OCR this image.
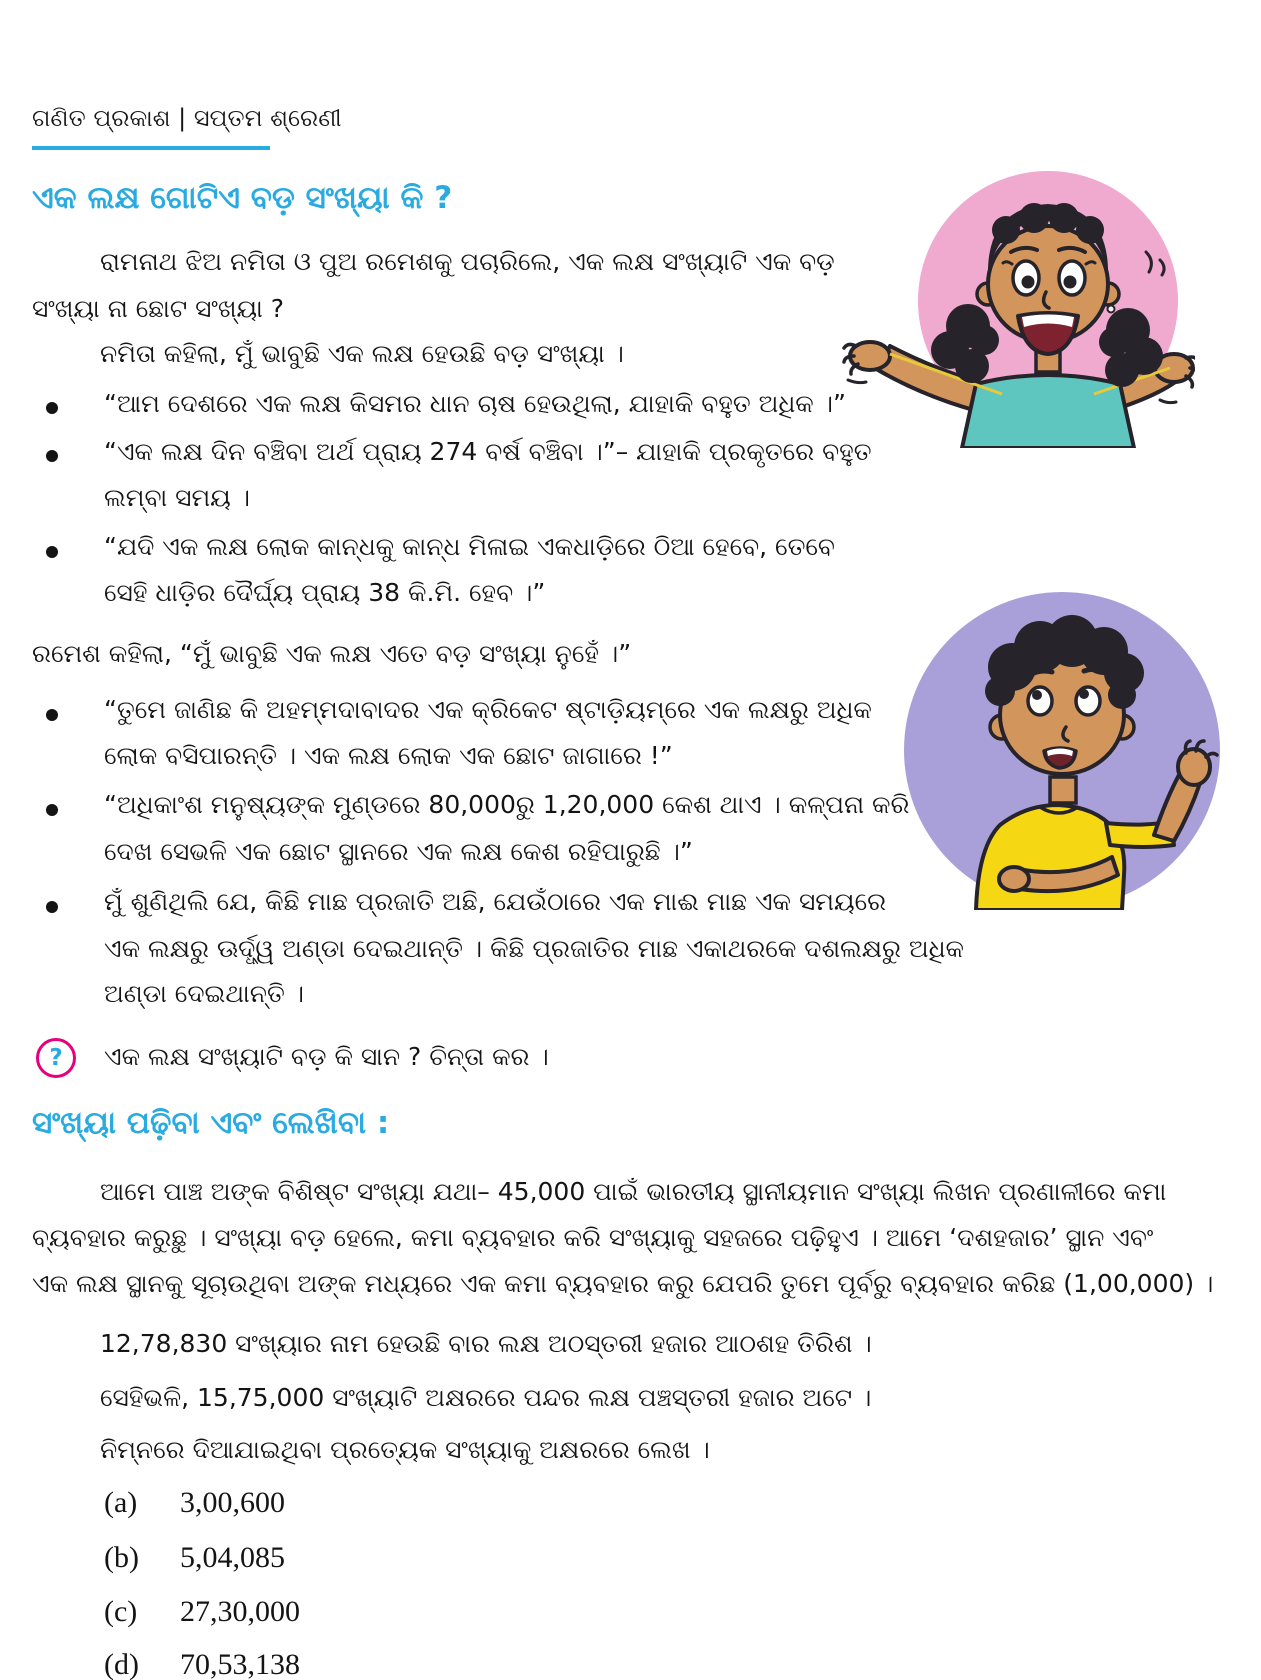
ଗଣିତ ପ୍ରକାଶ | ସପ୍ତମ ଶ୍ରେଣୀ
ଏକ ଲକ୍ଷ ଗୋଟିଏ ବଡ଼ ସଂଖ୍ୟା କି ?
ରାମନାଥ ଝିଅ ନମିତା ଓ ପୁଅ ରମେଶକୁ ପଚାରିଲେ, ଏକ ଲକ୍ଷ ସଂଖ୍ୟାଟି ଏକ ବଡ଼
ସଂଖ୍ୟା ନା ଛୋଟ ସଂଖ୍ୟା ?
ନମିତା କହିଲା, ମୁଁ ଭାବୁଛି ଏକ ଲକ୍ଷ ହେଉଛି ବଡ଼ ସଂଖ୍ୟା ।
“ଆମ ଦେଶରେ ଏକ ଲକ୍ଷ କିସମର ଧାନ ଚାଷ ହେଉଥିଲା, ଯାହାକି ବହୁତ ଅଧିକ ।”
“ଏକ ଲକ୍ଷ ଦିନ ବଞ୍ଚିବା ଅର୍ଥ ପ୍ରାୟ 274 ବର୍ଷ ବଞ୍ଚିବା ।”– ଯାହାକି ପ୍ରକୃତରେ ବହୁତ
ଲମ୍ବା ସମୟ ।
“ଯଦି ଏକ ଲକ୍ଷ ଲୋକ କାନ୍ଧକୁ କାନ୍ଧ ମିଳାଇ ଏକଧାଡ଼ିରେ ଠିଆ ହେବେ, ତେବେ
ସେହି ଧାଡ଼ିର ଦୈର୍ଘ୍ୟ ପ୍ରାୟ 38 କି.ମି. ହେବ ।”
ରମେଶ କହିଲା, “ମୁଁ ଭାବୁଛି ଏକ ଲକ୍ଷ ଏତେ ବଡ଼ ସଂଖ୍ୟା ନୁହେଁ ।”
“ତୁମେ ଜାଣିଛ କି ଅହମ୍ମଦାବାଦର ଏକ କ୍ରିକେଟ ଷ୍ଟାଡ଼ିୟମ୍‌ରେ ଏକ ଲକ୍ଷରୁ ଅଧିକ
ଲୋକ ବସିପାରନ୍ତି । ଏକ ଲକ୍ଷ ଲୋକ ଏକ ଛୋଟ ଜାଗାରେ !”
“ଅଧିକାଂଶ ମନୁଷ୍ୟଙ୍କ ମୁଣ୍ଡରେ 80,000ରୁ 1,20,000 କେଶ ଥାଏ । କଳ୍ପନା କରି
ଦେଖ ସେଭଳି ଏକ ଛୋଟ ସ୍ଥାନରେ ଏକ ଲକ୍ଷ କେଶ ରହିପାରୁଛି ।”
ମୁଁ ଶୁଣିଥିଲି ଯେ, କିଛି ମାଛ ପ୍ରଜାତି ଅଛି, ଯେଉଁଠାରେ ଏକ ମାଈ ମାଛ ଏକ ସମୟରେ
ଏକ ଲକ୍ଷରୁ ଊର୍ଦ୍ଧ୍ୱ ଅଣ୍ଡା ଦେଇଥାନ୍ତି । କିଛି ପ୍ରଜାତିର ମାଛ ଏକାଥରକେ ଦଶଲକ୍ଷରୁ ଅଧିକ
ଅଣ୍ଡା ଦେଇଥାନ୍ତି ।
?	ଏକ ଲକ୍ଷ ସଂଖ୍ୟାଟି ବଡ଼ କି ସାନ ? ଚିନ୍ତା କର ।
ସଂଖ୍ୟା ପଢ଼ିବା ଏବଂ ଲେଖିବା :
ଆମେ ପାଞ୍ଚ ଅଙ୍କ ବିଶିଷ୍ଟ ସଂଖ୍ୟା ଯଥା– 45,000 ପାଇଁ ଭାରତୀୟ ସ୍ଥାନୀୟମାନ ସଂଖ୍ୟା ଲିଖନ ପ୍ରଣାଳୀରେ କମା
ବ୍ୟବହାର କରୁଛୁ । ସଂଖ୍ୟା ବଡ଼ ହେଲେ, କମା ବ୍ୟବହାର କରି ସଂଖ୍ୟାକୁ ସହଜରେ ପଢ଼ିହୁଏ । ଆମେ ‘ଦଶହଜାର’ ସ୍ଥାନ ଏବଂ
ଏକ ଲକ୍ଷ ସ୍ଥାନକୁ ସୂଚାଉଥିବା ଅଙ୍କ ମଧ୍ୟରେ ଏକ କମା ବ୍ୟବହାର କରୁ ଯେପରି ତୁମେ ପୂର୍ବରୁ ବ୍ୟବହାର କରିଛ (1,00,000) ।
12,78,830 ସଂଖ୍ୟାର ନାମ ହେଉଛି ବାର ଲକ୍ଷ ଅଠସ୍ତରୀ ହଜାର ଆଠଶହ ତିରିଶ ।
ସେହିଭଳି, 15,75,000 ସଂଖ୍ୟାଟି ଅକ୍ଷରରେ ପନ୍ଦର ଲକ୍ଷ ପଞ୍ଚସ୍ତରୀ ହଜାର ଅଟେ ।
ନିମ୍ନରେ ଦିଆଯାଇଥିବା ପ୍ରତ୍ୟେକ ସଂଖ୍ୟାକୁ ଅକ୍ଷରରେ ଲେଖ ।
(a) 3,00,600
(b) 5,04,085
(c) 27,30,000
(d) 70,53,138
